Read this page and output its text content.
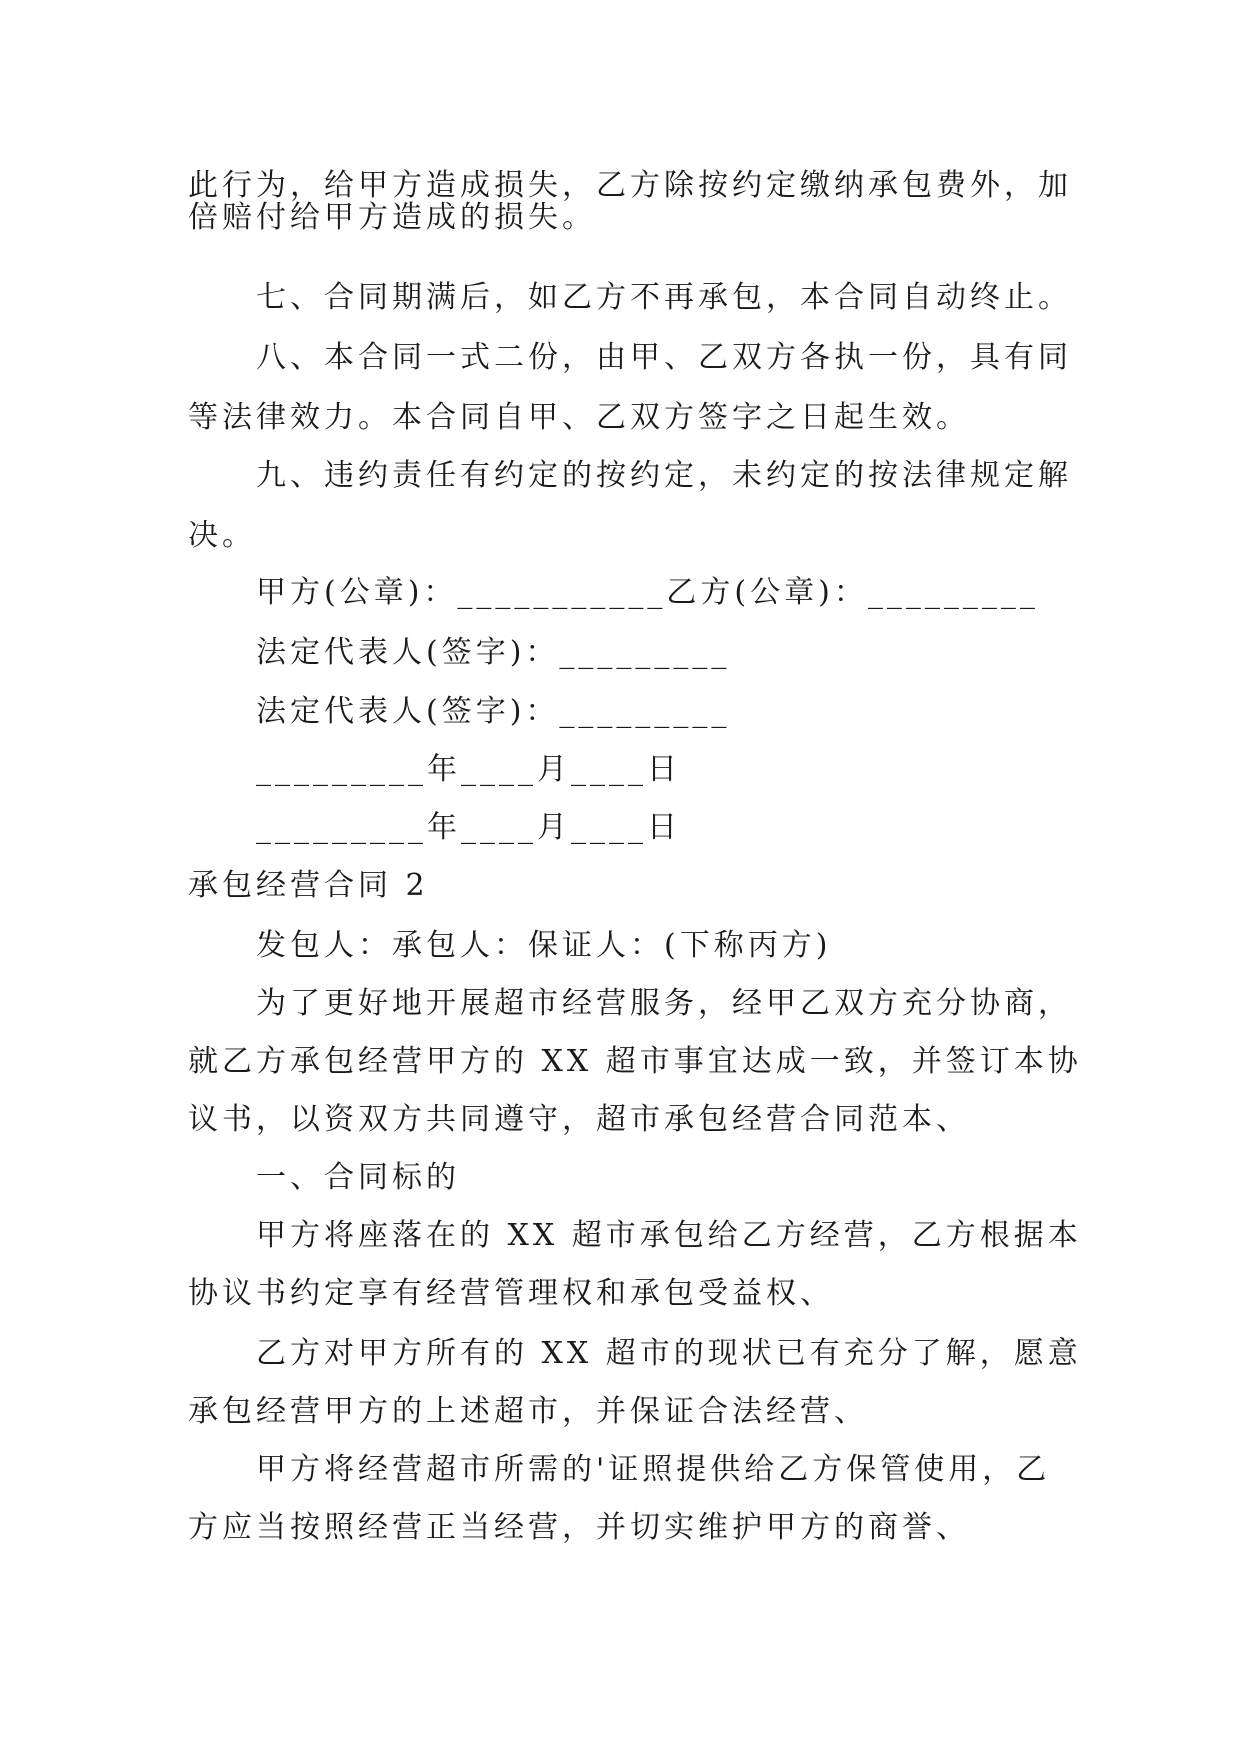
此行为，给甲方造成损失，乙方除按约定缴纳承包费外，加
倍赔付给甲方造成的损失。
七、合同期满后，如乙方不再承包，本合同自动终止。
八、本合同一式二份，由甲、乙双方各执一份，具有同
等法律效力。本合同自甲、乙双方签字之日起生效。
九、违约责任有约定的按约定，未约定的按法律规定解
决。
甲方(公章)：___________乙方(公章)：_________
法定代表人(签字)：_________
法定代表人(签字)：_________
_________年____月____日
_________年____月____日
承包经营合同 2
发包人：承包人：保证人：(下称丙方)
为了更好地开展超市经营服务，经甲乙双方充分协商，
就乙方承包经营甲方的 XX 超市事宜达成一致，并签订本协
议书，以资双方共同遵守，超市承包经营合同范本、
一、合同标的
甲方将座落在的 XX 超市承包给乙方经营，乙方根据本
协议书约定享有经营管理权和承包受益权、
乙方对甲方所有的 XX 超市的现状已有充分了解，愿意
承包经营甲方的上述超市，并保证合法经营、
甲方将经营超市所需的'证照提供给乙方保管使用，乙
方应当按照经营正当经营，并切实维护甲方的商誉、
